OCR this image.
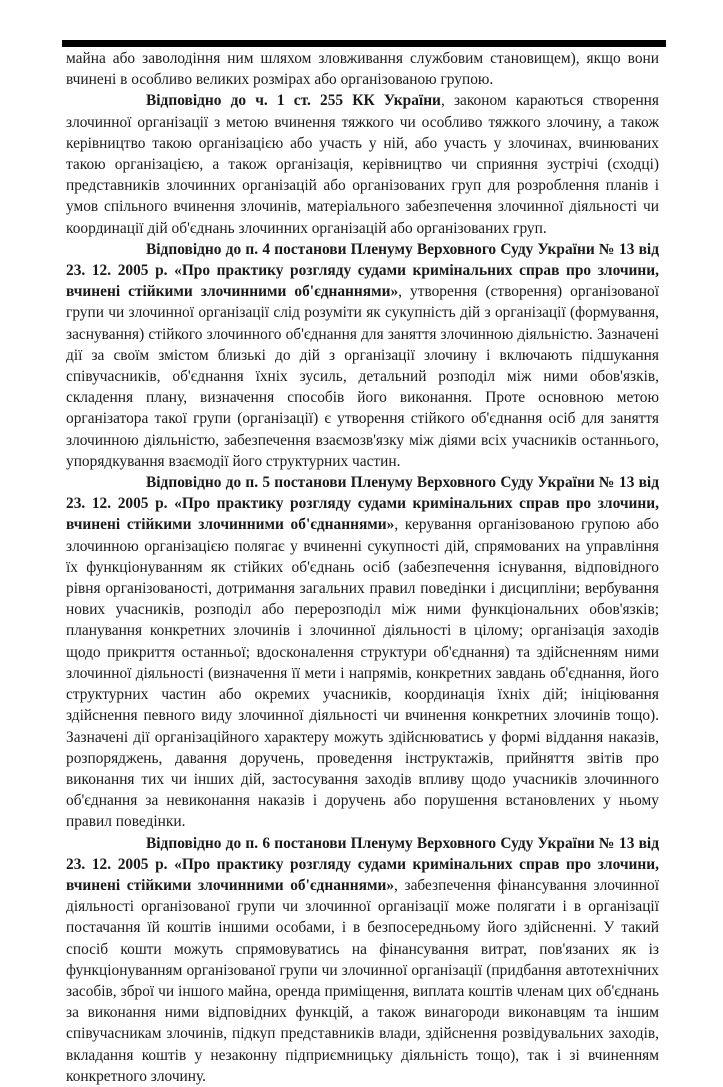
майна або заволодіння ним шляхом зловживання службовим становищем), якщо вони вчинені в особливо великих розмірах або організованою групою.

Відповідно до ч. 1 ст. 255 КК України, законом караються створення злочинної організації з метою вчинення тяжкого чи особливо тяжкого злочину, а також керівництво такою організацією або участь у ній, або участь у злочинах, вчинюваних такою організацією, а також організація, керівництво чи сприяння зустрічі (сходці) представників злочинних організацій або організованих груп для розроблення планів і умов спільного вчинення злочинів, матеріального забезпечення злочинної діяльності чи координації дій об'єднань злочинних організацій або організованих груп.

Відповідно до п. 4 постанови Пленуму Верховного Суду України № 13 від 23. 12. 2005 р. «Про практику розгляду судами кримінальних справ про злочини, вчинені стійкими злочинними об'єднаннями», утворення (створення) організованої групи чи злочинної організації слід розуміти як сукупність дій з організації (формування, заснування) стійкого злочинного об'єднання для заняття злочинною діяльністю. Зазначені дії за своїм змістом близькі до дій з організації злочину і включають підшукання співучасників, об'єднання їхніх зусиль, детальний розподіл між ними обов'язків, складення плану, визначення способів його виконання. Проте основною метою організатора такої групи (організації) є утворення стійкого об'єднання осіб для заняття злочинною діяльністю, забезпечення взаємозв'язку між діями всіх учасників останнього, упорядкування взаємодії його структурних частин.

Відповідно до п. 5 постанови Пленуму Верховного Суду України № 13 від 23. 12. 2005 р. «Про практику розгляду судами кримінальних справ про злочини, вчинені стійкими злочинними об'єднаннями», керування організованою групою або злочинною організацією полягає у вчиненні сукупності дій, спрямованих на управління їх функціонуванням як стійких об'єднань осіб (забезпечення існування, відповідного рівня організованості, дотримання загальних правил поведінки і дисципліни; вербування нових учасників, розподіл або перерозподіл між ними функціональних обов'язків; планування конкретних злочинів і злочинної діяльності в цілому; організація заходів щодо прикриття останньої; вдосконалення структури об'єднання) та здійсненням ними злочинної діяльності (визначення її мети і напрямів, конкретних завдань об'єднання, його структурних частин або окремих учасників, координація їхніх дій; ініціювання здійснення певного виду злочинної діяльності чи вчинення конкретних злочинів тощо). Зазначені дії організаційного характеру можуть здійснюватись у формі віддання наказів, розпоряджень, давання доручень, проведення інструктажів, прийняття звітів про виконання тих чи інших дій, застосування заходів впливу щодо учасників злочинного об'єднання за невиконання наказів і доручень або порушення встановлених у ньому правил поведінки.

Відповідно до п. 6 постанови Пленуму Верховного Суду України № 13 від 23. 12. 2005 р. «Про практику розгляду судами кримінальних справ про злочини, вчинені стійкими злочинними об'єднаннями», забезпечення фінансування злочинної діяльності організованої групи чи злочинної організації може полягати і в організації постачання їй коштів іншими особами, і в безпосередньому його здійсненні. У такий спосіб кошти можуть спрямовуватись на фінансування витрат, пов'язаних як із функціонуванням організованої групи чи злочинної організації (придбання автотехнічних засобів, зброї чи іншого майна, оренда приміщення, виплата коштів членам цих об'єднань за виконання ними відповідних функцій, а також винагороди виконавцям та іншим співучасникам злочинів, підкуп представників влади, здійснення розвідувальних заходів, вкладання коштів у незаконну підприємницьку діяльність тощо), так і зі вчиненням конкретного злочину.
